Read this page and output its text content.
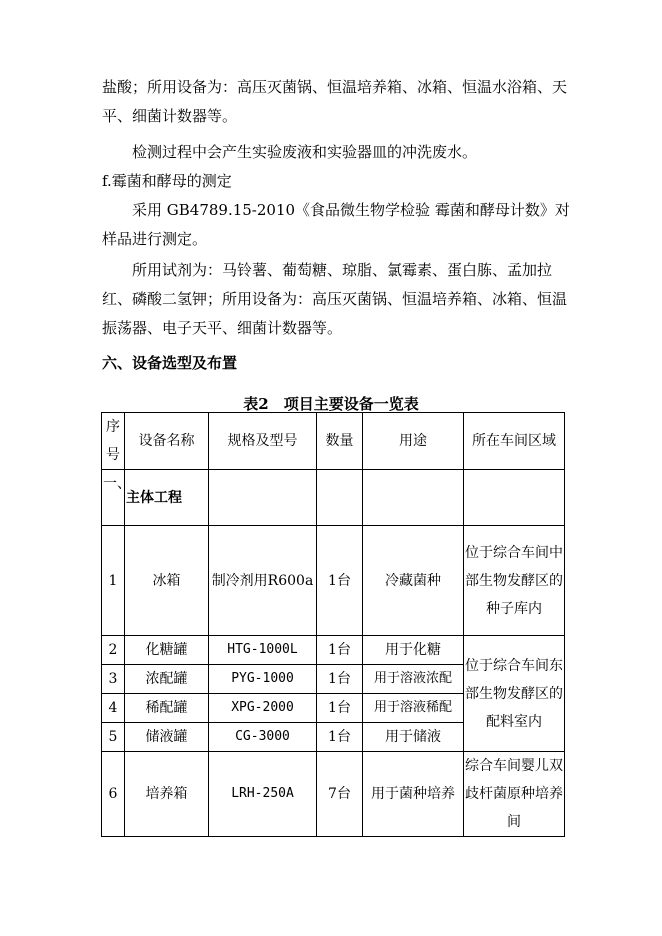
盐酸；所用设备为：高压灭菌锅、恒温培养箱、冰箱、恒温水浴箱、天平、细菌计数器等。

检测过程中会产生实验废液和实验器皿的冲洗废水。

f.霉菌和酵母的测定

采用 GB4789.15-2010《食品微生物学检验 霉菌和酵母计数》对样品进行测定。

所用试剂为：马铃薯、葡萄糖、琼脂、氯霉素、蛋白胨、孟加拉红、磷酸二氢钾；所用设备为：高压灭菌锅、恒温培养箱、冰箱、恒温振荡器、电子天平、细菌计数器等。

六、设备选型及布置

表2　项目主要设备一览表
序号	设备名称	规格及型号	数量	用途	所在车间区域
一、	主体工程				
1	冰箱	制冷剂用R600a	1台	冷藏菌种	位于综合车间中部生物发酵区的种子库内
2	化糖罐	HTG-1000L	1台	用于化糖	位于综合车间东部生物发酵区的配料室内
3	浓配罐	PYG-1000	1台	用于溶液浓配	
4	稀配罐	XPG-2000	1台	用于溶液稀配	
5	储液罐	CG-3000	1台	用于储液	
6	培养箱	LRH-250A	7台	用于菌种培养	综合车间婴儿双歧杆菌原种培养间
